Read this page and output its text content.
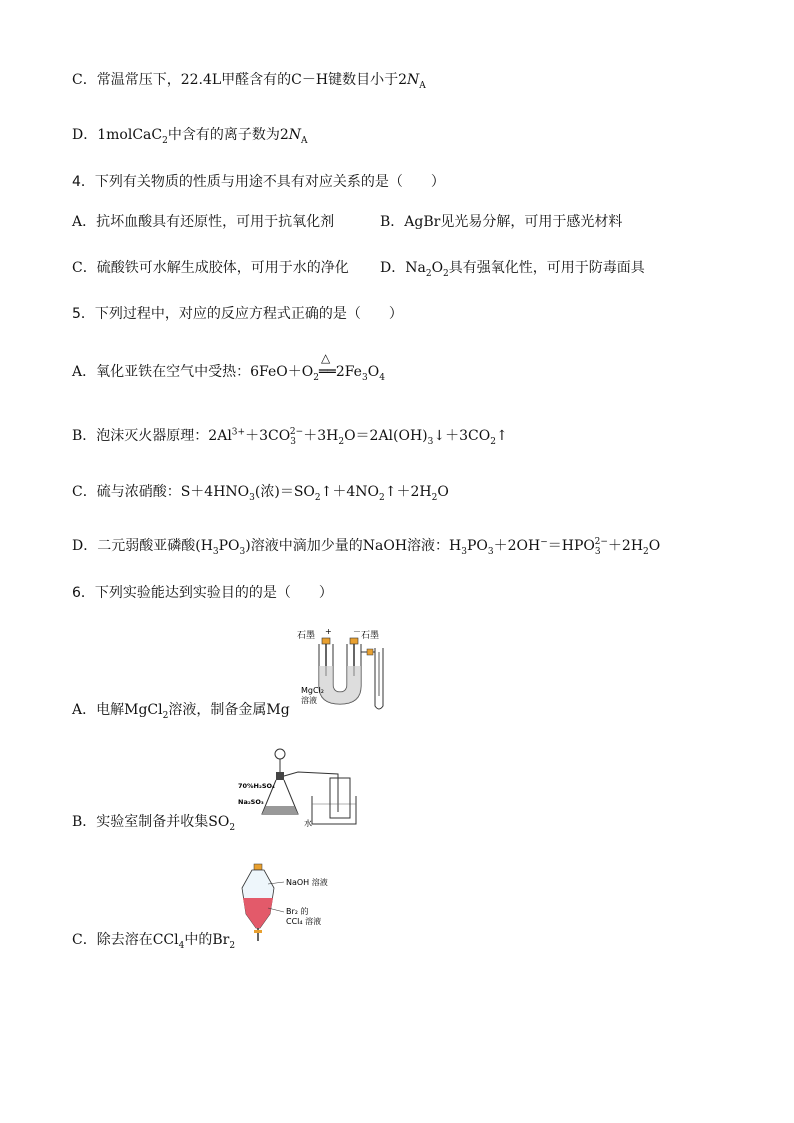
C．常温常压下，22.4L甲醛含有的C－H键数目小于$2N_A$
D．1molCaC$_2$中含有的离子数为$2N_A$
4．下列有关物质的性质与用途不具有对应关系的是（　　）
A．抗坏血酸具有还原性，可用于抗氧化剂	B．AgBr见光易分解，可用于感光材料
C．硫酸铁可水解生成胶体，可用于水的净化 D．$Na_2O_2$具有强氧化性，可用于防毒面具
5．下列过程中，对应的反应方程式正确的是（　　）
A．氧化亚铁在空气中受热：$6FeO+O_2$
△
$══2Fe_3O_4$
B．泡沫灭火器原理：$2Al^{3+}+3CO_3^{2-}+3H_2O=2Al(OH)_3↓+3CO_2↑$
C．硫与浓硝酸：$S+4HNO_3$(浓)$=SO_2↑+4NO_2↑+2H_2O$
D．二元弱酸亚磷酸$(H_3PO_3)$溶液中滴加少量的NaOH溶液：$H_3PO_3+2OH^-=HPO_3^{2-}+2H_2O$
6．下列实验能达到实验目的的是（　　）
A．电解MgCl$_2$溶液，制备金属Mg
石墨	石墨
+	－
MgCl₂
溶液
B．实验室制备并收集$SO_2$
70%H₂SO₄
Na₂SO₃
水
C．除去溶在CCl$_4$中的$Br_2$
NaOH 溶液
Br₂ 的
CCl₄ 溶液
